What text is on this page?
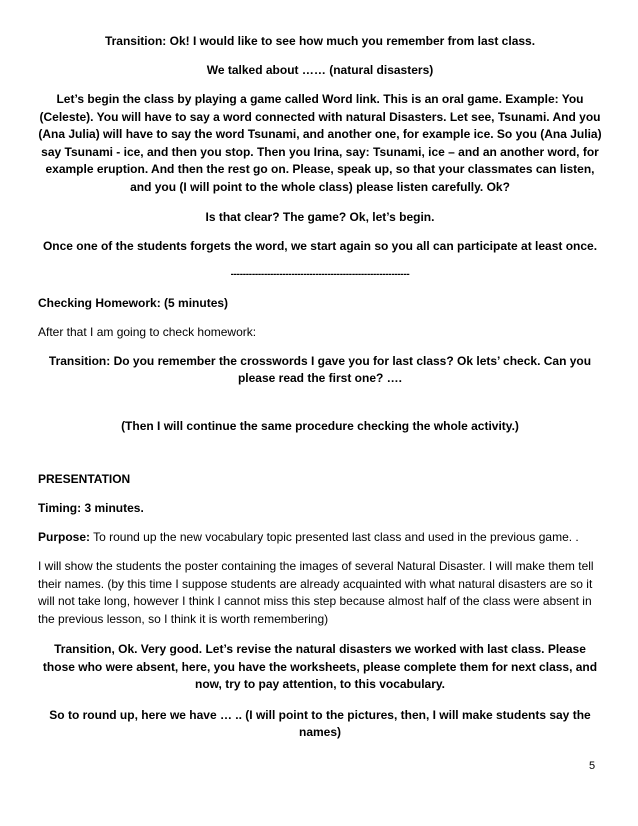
Transition: Ok! I would like to see how much you remember from last class.

We talked about …… (natural disasters)

Let’s begin the class by playing a game called Word link. This is an oral game. Example: You (Celeste). You will have to say a word connected with natural Disasters. Let see, Tsunami. And you (Ana Julia) will have to say the word Tsunami, and another one, for example ice. So you (Ana Julia) say Tsunami - ice, and then you stop. Then you Irina, say: Tsunami, ice – and an another word, for example eruption. And then the rest go on. Please, speak up, so that your classmates can listen, and you (I will point to the whole class) please listen carefully. Ok?

Is that clear? The game? Ok, let’s begin.

Once one of the students forgets the word, we start again so you all can participate at least once.

-----------------------------------------------------------

Checking Homework: (5 minutes)

After that I am going to check homework:

Transition: Do you remember the crosswords I gave you for last class? Ok lets’ check. Can you please read the first one? ….

(Then I will continue the same procedure checking the whole activity.)

PRESENTATION

Timing: 3 minutes.

Purpose: To round up the new vocabulary topic presented last class and used in the previous game. .

I will show the students the poster containing the images of several Natural Disaster. I will make them tell their names. (by this time I suppose students are already acquainted with what natural disasters are so it will not take long, however I think I cannot miss this step because almost half of the class were absent in the previous lesson, so I think it is worth remembering)

Transition, Ok. Very good. Let’s revise the natural disasters we worked with last class. Please those who were absent, here, you have the worksheets, please complete them for next class, and now, try to pay attention, to this vocabulary.

So to round up, here we have … .. (I will point to the pictures, then, I will make students say the names)

5
